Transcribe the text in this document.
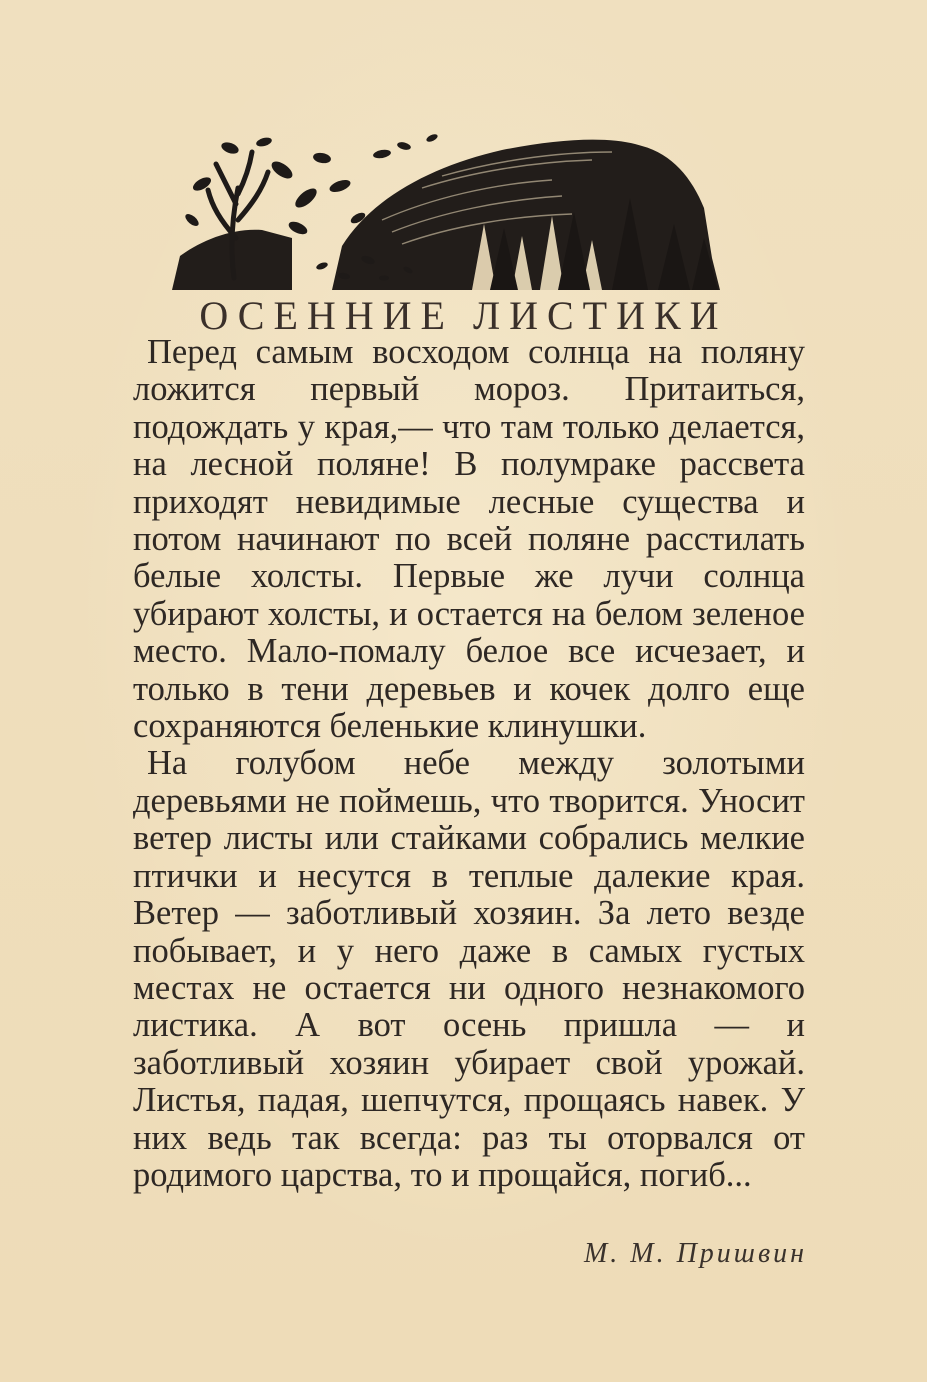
ОСЕННИЕ ЛИСТИКИ

Перед самым восходом солнца на поляну ложится первый мороз. Притаиться, подождать у края,— что там только делается, на лесной поляне! В полумраке рассвета приходят невидимые лесные существа и потом начинают по всей поляне расстилать белые холсты. Первые же лучи солнца убирают холсты, и остается на белом зеленое место. Мало-помалу белое все исчезает, и только в тени деревьев и кочек долго еще сохраняются беленькие клинушки.

На голубом небе между золотыми деревьями не поймешь, что творится. Уносит ветер листы или стайками собрались мелкие птички и несутся в теплые далекие края. Ветер — заботливый хозяин. За лето везде побывает, и у него даже в самых густых местах не остается ни одного незнакомого листика. А вот осень пришла — и заботливый хозяин убирает свой урожай. Листья, падая, шепчутся, прощаясь навек. У них ведь так всегда: раз ты оторвался от родимого царства, то и прощайся, погиб...

М. М. Пришвин
